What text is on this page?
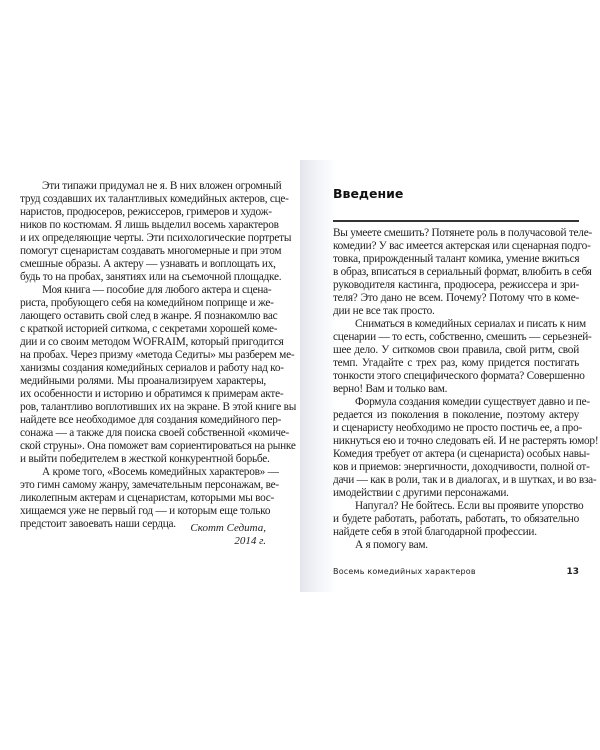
Эти типажи придумал не я. В них вложен огромный
труд создавших их талантливых комедийных актеров, сце-
наристов, продюсеров, режиссеров, гримеров и худож-
ников по костюмам. Я лишь выделил восемь характеров
и их определяющие черты. Эти психологические портреты
помогут сценаристам создавать многомерные и при этом
смешные образы. А актеру — узнавать и воплощать их,
будь то на пробах, занятиях или на съемочной площадке.
Моя книга — пособие для любого актера и сцена-
риста, пробующего себя на комедийном поприще и же-
лающего оставить свой след в жанре. Я познакомлю вас
с краткой историей ситкома, с секретами хорошей коме-
дии и со своим методом WOFRAIM, который пригодится
на пробах. Через призму «метода Седиты» мы разберем ме-
ханизмы создания комедийных сериалов и работу над ко-
медийными ролями. Мы проанализируем характеры,
их особенности и историю и обратимся к примерам акте-
ров, талантливо воплотивших их на экране. В этой книге вы
найдете все необходимое для создания комедийного пер-
сонажа — а также для поиска своей собственной «комиче-
ской струны». Она поможет вам сориентироваться на рынке
и выйти победителем в жесткой конкурентной борьбе.
А кроме того, «Восемь комедийных характеров» —
это гимн самому жанру, замечательным персонажам, ве-
ликолепным актерам и сценаристам, которыми мы вос-
хищаемся уже не первый год — и которым еще только
предстоит завоевать наши сердца.	Скотт Седита,
2014 г.
Введение
Вы умеете смешить? Потянете роль в получасовой теле-
комедии? У вас имеется актерская или сценарная подго-
товка, прирожденный талант комика, умение вжиться
в образ, вписаться в сериальный формат, влюбить в себя
руководителя кастинга, продюсера, режиссера и зри-
теля? Это дано не всем. Почему? Потому что в коме-
дии не все так просто.
Сниматься в комедийных сериалах и писать к ним
сценарии — то есть, собственно, смешить — серьезней-
шее дело. У ситкомов свои правила, свой ритм, свой
темп. Угадайте с трех раз, кому придется постигать
тонкости этого специфического формата? Совершенно
верно! Вам и только вам.
Формула создания комедии существует давно и пе-
редается из поколения в поколение, поэтому актеру
и сценаристу необходимо не просто постичь ее, а про-
никнуться ею и точно следовать ей. И не растерять юмор!
Комедия требует от актера (и сценариста) особых навы-
ков и приемов: энергичности, доходчивости, полной от-
дачи — как в роли, так и в диалогах, и в шутках, и во вза-
имодействии с другими персонажами.
Напугал? Не бойтесь. Если вы проявите упорство
и будете работать, работать, работать, то обязательно
найдете себя в этой благодарной профессии.
А я помогу вам.
Восемь комедийных характеров	13
